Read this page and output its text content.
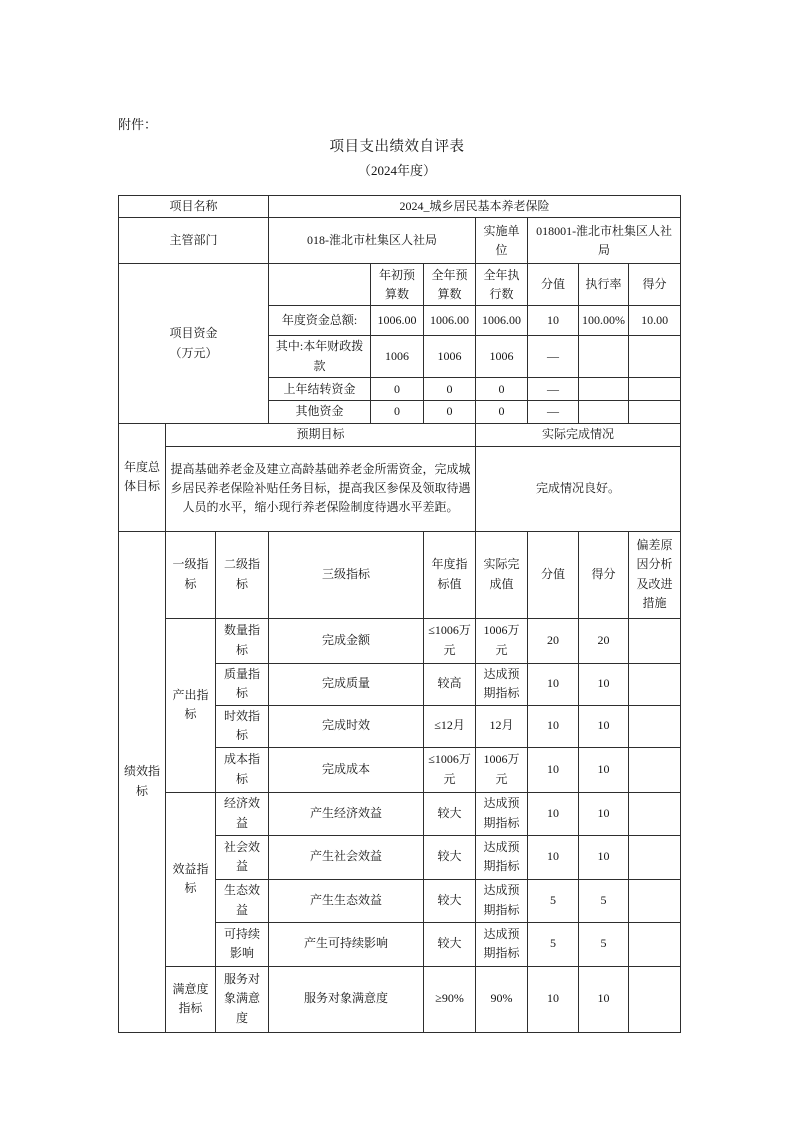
附件：
项目支出绩效自评表
（2024年度）
项目名称			2024_城乡居民基本养老保险						
主管部门			018-淮北市杜集区人社局			实施单位	018001-淮北市杜集区人社局		
项目资金
（万元）				年初预算数	全年预算数	全年执行数	分值	执行率	得分
			年度资金总额:	1006.00	1006.00	1006.00	10	100.00%	10.00
			其中:本年财政拨款	1006	1006	1006	—		
			上年结转资金	0	0	0	—		
			其他资金	0	0	0	—		
年度总体目标	预期目标					实际完成情况			
	提高基础养老金及建立高龄基础养老金所需资金，完成城乡居民养老保险补贴任务目标，提高我区参保及领取待遇人员的水平，缩小现行养老保险制度待遇水平差距。					完成情况良好。			
绩效指标	一级指标	二级指标	三级指标		年度指标值	实际完成值	分值	得分	偏差原因分析及改进措施
	产出指标	数量指标	完成金额		≤1006万元	1006万元	20	20	
		质量指标	完成质量		较高	达成预期指标	10	10	
		时效指标	完成时效		≤12月	12月	10	10	
		成本指标	完成成本		≤1006万元	1006万元	10	10	
	效益指标	经济效益	产生经济效益		较大	达成预期指标	10	10	
		社会效益	产生社会效益		较大	达成预期指标	10	10	
		生态效益	产生生态效益		较大	达成预期指标	5	5	
		可持续影响	产生可持续影响		较大	达成预期指标	5	5	
	满意度指标	服务对象满意度	服务对象满意度		≥90%	90%	10	10	
